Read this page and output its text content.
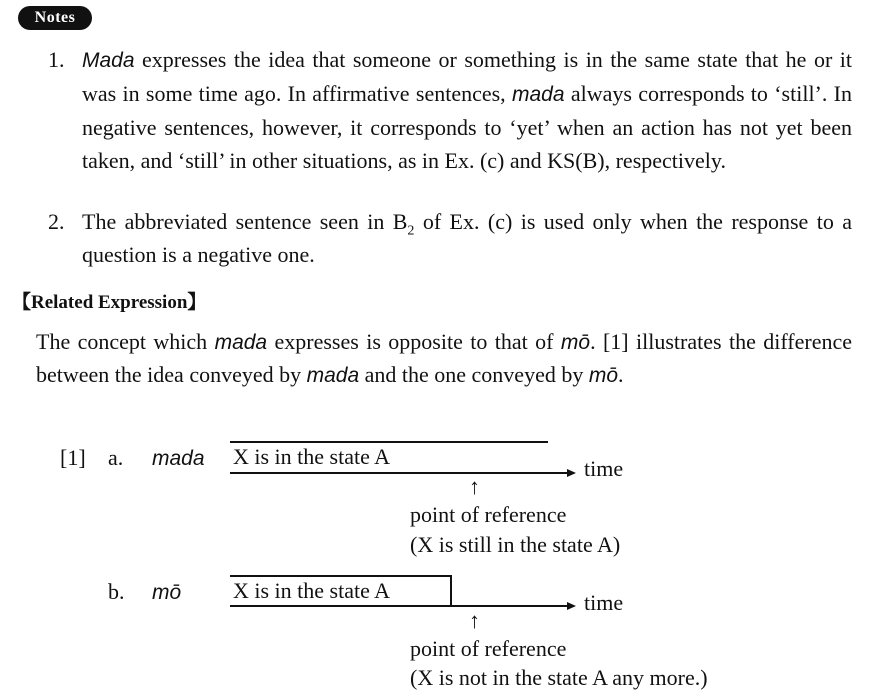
Notes
1. Mada expresses the idea that someone or something is in the same state that he or it was in some time ago. In affirmative sentences, mada always corresponds to ‘still’. In negative sentences, however, it corresponds to ‘yet’ when an action has not yet been taken, and ‘still’ in other situations, as in Ex. (c) and KS(B), respectively.
2. The abbreviated sentence seen in $B_2$ of Ex. (c) is used only when the response to a question is a negative one.
【Related Expression】
The concept which mada expresses is opposite to that of mō. [1] illustrates the difference between the idea conveyed by mada and the one conveyed by mō.
[1] a. mada X is in the state A	time
↑
point of reference
(X is still in the state A)
b. mō X is in the state A	time
↑
point of reference
(X is not in the state A any more.)
